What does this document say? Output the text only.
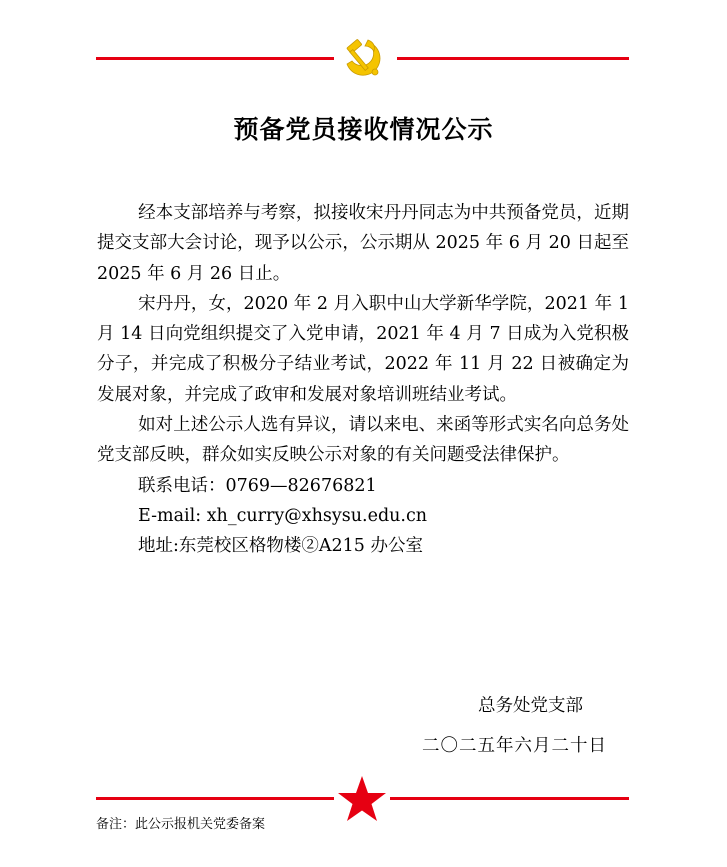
预备党员接收情况公示

经本支部培养与考察，拟接收宋丹丹同志为中共预备党员，近期提交支部大会讨论，现予以公示，公示期从 2025 年 6 月 20 日起至 2025 年 6 月 26 日止。

宋丹丹，女，2020 年 2 月入职中山大学新华学院，2021 年 1 月 14 日向党组织提交了入党申请，2021 年 4 月 7 日成为入党积极分子，并完成了积极分子结业考试，2022 年 11 月 22 日被确定为发展对象，并完成了政审和发展对象培训班结业考试。

如对上述公示人选有异议，请以来电、来函等形式实名向总务处党支部反映，群众如实反映公示对象的有关问题受法律保护。

联系电话：0769—82676821

E-mail: xh_curry@xhsysu.edu.cn

地址:东莞校区格物楼②A215 办公室

总务处党支部
二〇二五年六月二十日
备注：此公示报机关党委备案
